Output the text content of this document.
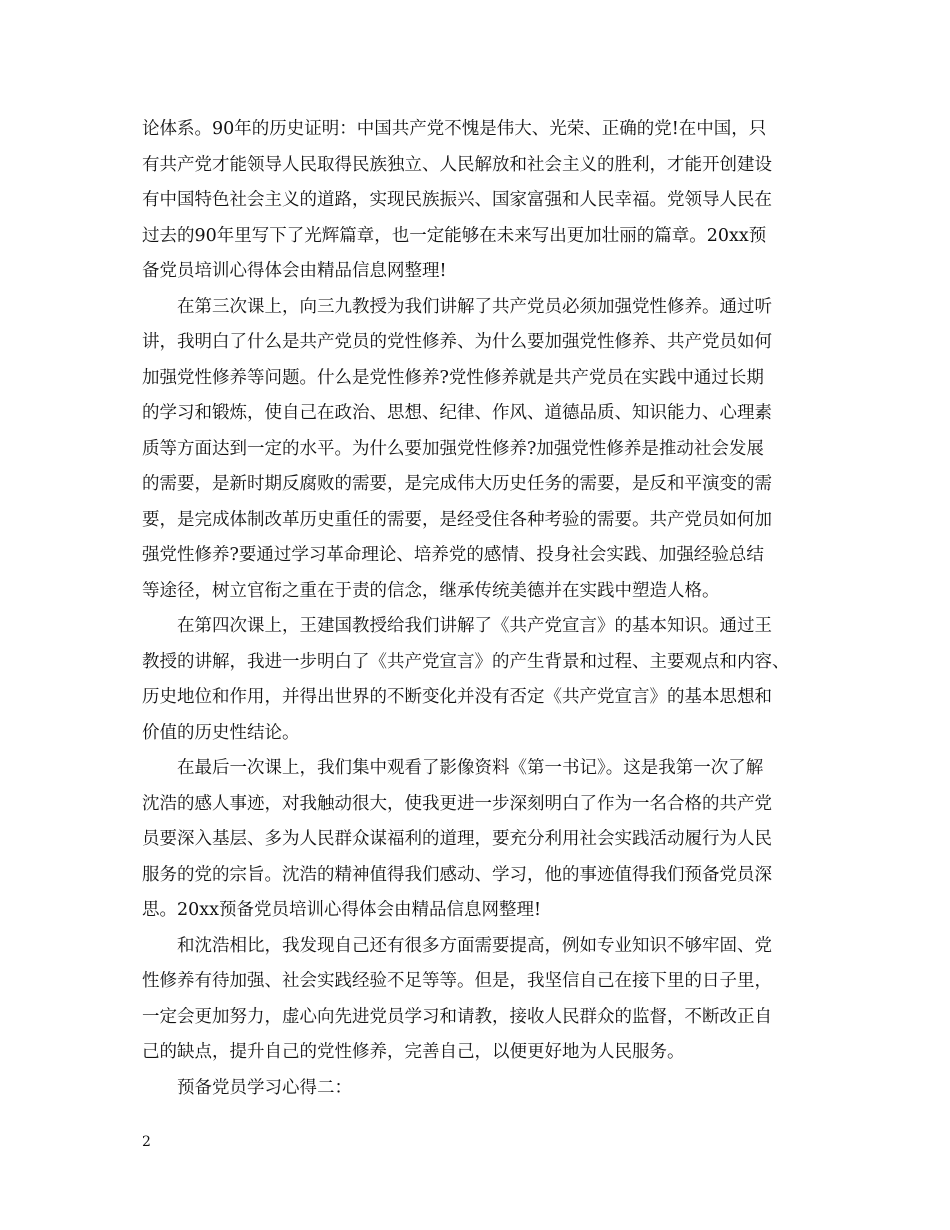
论体系。90年的历史证明：中国共产党不愧是伟大、光荣、正确的党!在中国，只
有共产党才能领导人民取得民族独立、人民解放和社会主义的胜利，才能开创建设
有中国特色社会主义的道路，实现民族振兴、国家富强和人民幸福。党领导人民在
过去的90年里写下了光辉篇章，也一定能够在未来写出更加壮丽的篇章。20xx预
备党员培训心得体会由精品信息网整理!
在第三次课上，向三九教授为我们讲解了共产党员必须加强党性修养。通过听
讲，我明白了什么是共产党员的党性修养、为什么要加强党性修养、共产党员如何
加强党性修养等问题。什么是党性修养?党性修养就是共产党员在实践中通过长期
的学习和锻炼，使自己在政治、思想、纪律、作风、道德品质、知识能力、心理素
质等方面达到一定的水平。为什么要加强党性修养?加强党性修养是推动社会发展
的需要，是新时期反腐败的需要，是完成伟大历史任务的需要，是反和平演变的需
要，是完成体制改革历史重任的需要，是经受住各种考验的需要。共产党员如何加
强党性修养?要通过学习革命理论、培养党的感情、投身社会实践、加强经验总结
等途径，树立官衔之重在于责的信念，继承传统美德并在实践中塑造人格。
在第四次课上，王建国教授给我们讲解了《共产党宣言》的基本知识。通过王
教授的讲解，我进一步明白了《共产党宣言》的产生背景和过程、主要观点和内容、
历史地位和作用，并得出世界的不断变化并没有否定《共产党宣言》的基本思想和
价值的历史性结论。
在最后一次课上，我们集中观看了影像资料《第一书记》。这是我第一次了解
沈浩的感人事迹，对我触动很大，使我更进一步深刻明白了作为一名合格的共产党
员要深入基层、多为人民群众谋福利的道理，要充分利用社会实践活动履行为人民
服务的党的宗旨。沈浩的精神值得我们感动、学习，他的事迹值得我们预备党员深
思。20xx预备党员培训心得体会由精品信息网整理!
和沈浩相比，我发现自己还有很多方面需要提高，例如专业知识不够牢固、党
性修养有待加强、社会实践经验不足等等。但是，我坚信自己在接下里的日子里，
一定会更加努力，虚心向先进党员学习和请教，接收人民群众的监督，不断改正自
己的缺点，提升自己的党性修养，完善自己，以便更好地为人民服务。
预备党员学习心得二：
2
